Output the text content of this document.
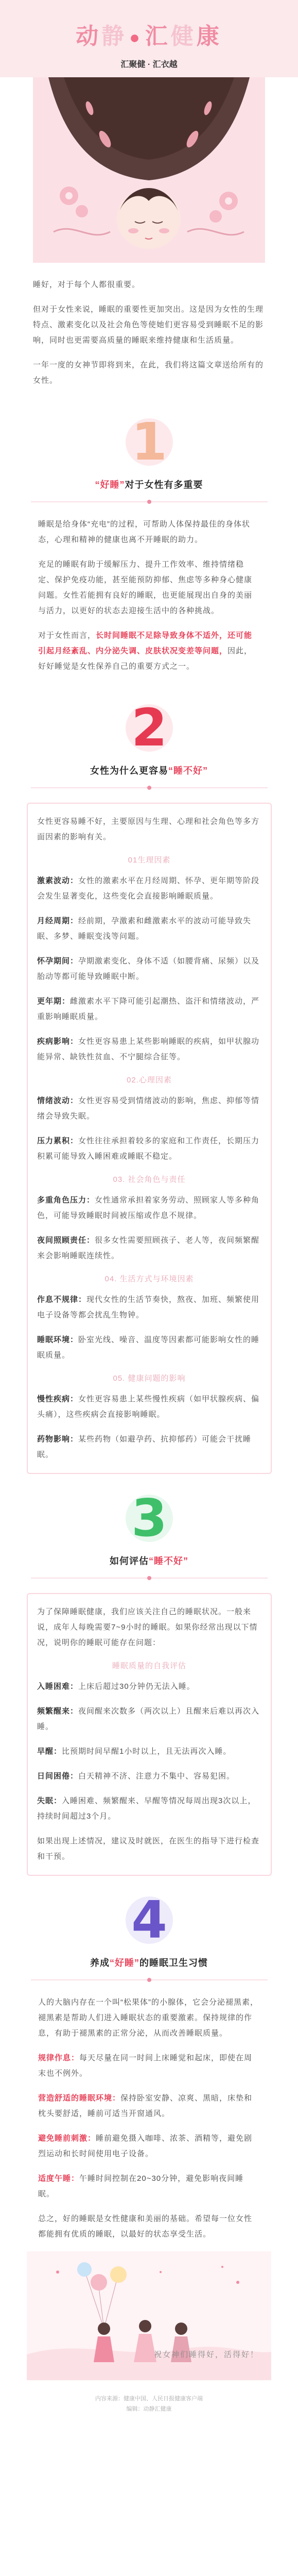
动静 ●汇健康
汇聚健 · 汇衣越

睡好，对于每个人都很重要。

但对于女性来说，睡眠的重要性更加突出。这是因为女性的生理特点、激素变化以及社会角色等使她们更容易受到睡眠不足的影响，同时也更需要高质量的睡眠来维持健康和生活质量。

一年一度的女神节即将到来，在此，我们将这篇文章送给所有的女性。

1
“好睡”对于女性有多重要

睡眠是给身体“充电”的过程，可帮助人体保持最佳的身体状态，心理和精神的健康也离不开睡眠的助力。

充足的睡眠有助于缓解压力、提升工作效率、维持情绪稳定、保护免疫功能，甚至能预防抑郁、焦虑等多种身心健康问题。女性若能拥有良好的睡眠，也更能展现出自身的美丽与活力，以更好的状态去迎接生活中的各种挑战。

对于女性而言，长时间睡眠不足除导致身体不适外，还可能引起月经紊乱、内分泌失调、皮肤状况变差等问题，因此，好好睡觉是女性保养自己的重要方式之一。

2
女性为什么更容易“睡不好”

女性更容易睡不好，主要原因与生理、心理和社会角色等多方面因素的影响有关。

01生理因素

激素波动：女性的激素水平在月经周期、怀孕、更年期等阶段会发生显著变化，这些变化会直接影响睡眠质量。

月经周期：经前期，孕激素和雌激素水平的波动可能导致失眠、多梦、睡眠变浅等问题。

怀孕期间：孕期激素变化、身体不适（如腰背痛、尿频）以及胎动等都可能导致睡眠中断。

更年期：雌激素水平下降可能引起潮热、盗汗和情绪波动，严重影响睡眠质量。

疾病影响：女性更容易患上某些影响睡眠的疾病，如甲状腺功能异常、缺铁性贫血、不宁腿综合征等。

02.心理因素

情绪波动：女性更容易受到情绪波动的影响，焦虑、抑郁等情绪会导致失眠。

压力累积：女性往往承担着较多的家庭和工作责任，长期压力积累可能导致入睡困难或睡眠不稳定。

03. 社会角色与责任

多重角色压力：女性通常承担着家务劳动、照顾家人等多种角色，可能导致睡眠时间被压缩或作息不规律。

夜间照顾责任：很多女性需要照顾孩子、老人等，夜间频繁醒来会影响睡眠连续性。

04. 生活方式与环境因素

作息不规律：现代女性的生活节奏快，熬夜、加班、频繁使用电子设备等都会扰乱生物钟。

睡眠环境：卧室光线、噪音、温度等因素都可能影响女性的睡眠质量。

05. 健康问题的影响

慢性疾病：女性更容易患上某些慢性疾病（如甲状腺疾病、偏头痛），这些疾病会直接影响睡眠。

药物影响：某些药物（如避孕药、抗抑郁药）可能会干扰睡眠。

3
如何评估“睡不好”

为了保障睡眠健康，我们应该关注自己的睡眠状况。一般来说，成年人每晚需要7~9小时的睡眠。如果你经常出现以下情况，说明你的睡眠可能存在问题：

睡眠质量的自我评估

入睡困难：上床后超过30分钟仍无法入睡。

频繁醒来：夜间醒来次数多（两次以上）且醒来后难以再次入睡。

早醒：比预期时间早醒1小时以上，且无法再次入睡。

日间困倦：白天精神不济、注意力不集中、容易犯困。

失眠：入睡困难、频繁醒来、早醒等情况每周出现3次以上，持续时间超过3个月。

如果出现上述情况，建议及时就医，在医生的指导下进行检查和干预。

4
养成“好睡”的睡眠卫生习惯

人的大脑内存在一个叫“松果体”的小腺体，它会分泌褪黑素，褪黑素是帮助人们进入睡眠状态的重要激素。保持规律的作息，有助于褪黑素的正常分泌，从而改善睡眠质量。

规律作息：每天尽量在同一时间上床睡觉和起床，即使在周末也不例外。

营造舒适的睡眠环境：保持卧室安静、凉爽、黑暗，床垫和枕头要舒适，睡前可适当开窗通风。

避免睡前刺激：睡前避免摄入咖啡、浓茶、酒精等，避免剧烈运动和长时间使用电子设备。

适度午睡：午睡时间控制在20~30分钟，避免影响夜间睡眠。

总之，好的睡眠是女性健康和美丽的基础。希望每一位女性都能拥有优质的睡眠，以最好的状态享受生活。

祝女神们睡得好，活得好！
内容来源：健康中国、人民日报健康客户端
编辑：动静汇健康
